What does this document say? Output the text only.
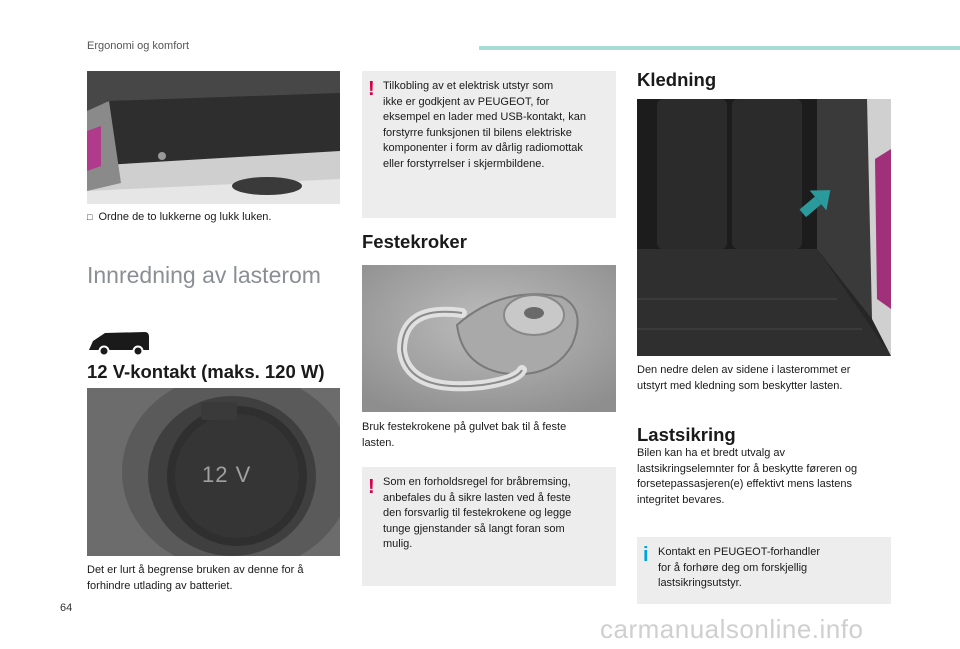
Ergonomi og komfort
□ Ordne de to lukkerne og lukk luken.
Innredning av lasterom
12 V-kontakt (maks. 120 W)
12 V
Det er lurt å begrense bruken av denne for å
forhindre utlading av batteriet.
! Tilkobling av et elektrisk utstyr som
ikke er godkjent av PEUGEOT, for
eksempel en lader med USB-kontakt, kan
forstyrre funksjonen til bilens elektriske
komponenter i form av dårlig radiomottak
eller forstyrrelser i skjermbildene.
Festekroker
Bruk festekrokene på gulvet bak til å feste
lasten.
! Som en forholdsregel for bråbremsing,
anbefales du å sikre lasten ved å feste
den forsvarlig til festekrokene og legge
tunge gjenstander så langt foran som
mulig.
Kledning
Den nedre delen av sidene i lasterommet er
utstyrt med kledning som beskytter lasten.
Lastsikring
Bilen kan ha et bredt utvalg av
lastsikringselemnter for å beskytte føreren og
forsetepassasjeren(e) effektivt mens lastens
integritet bevares.
i Kontakt en PEUGEOT-forhandler
for å forhøre deg om forskjellig
lastsikringsutstyr.
64
carmanualsonline.info
